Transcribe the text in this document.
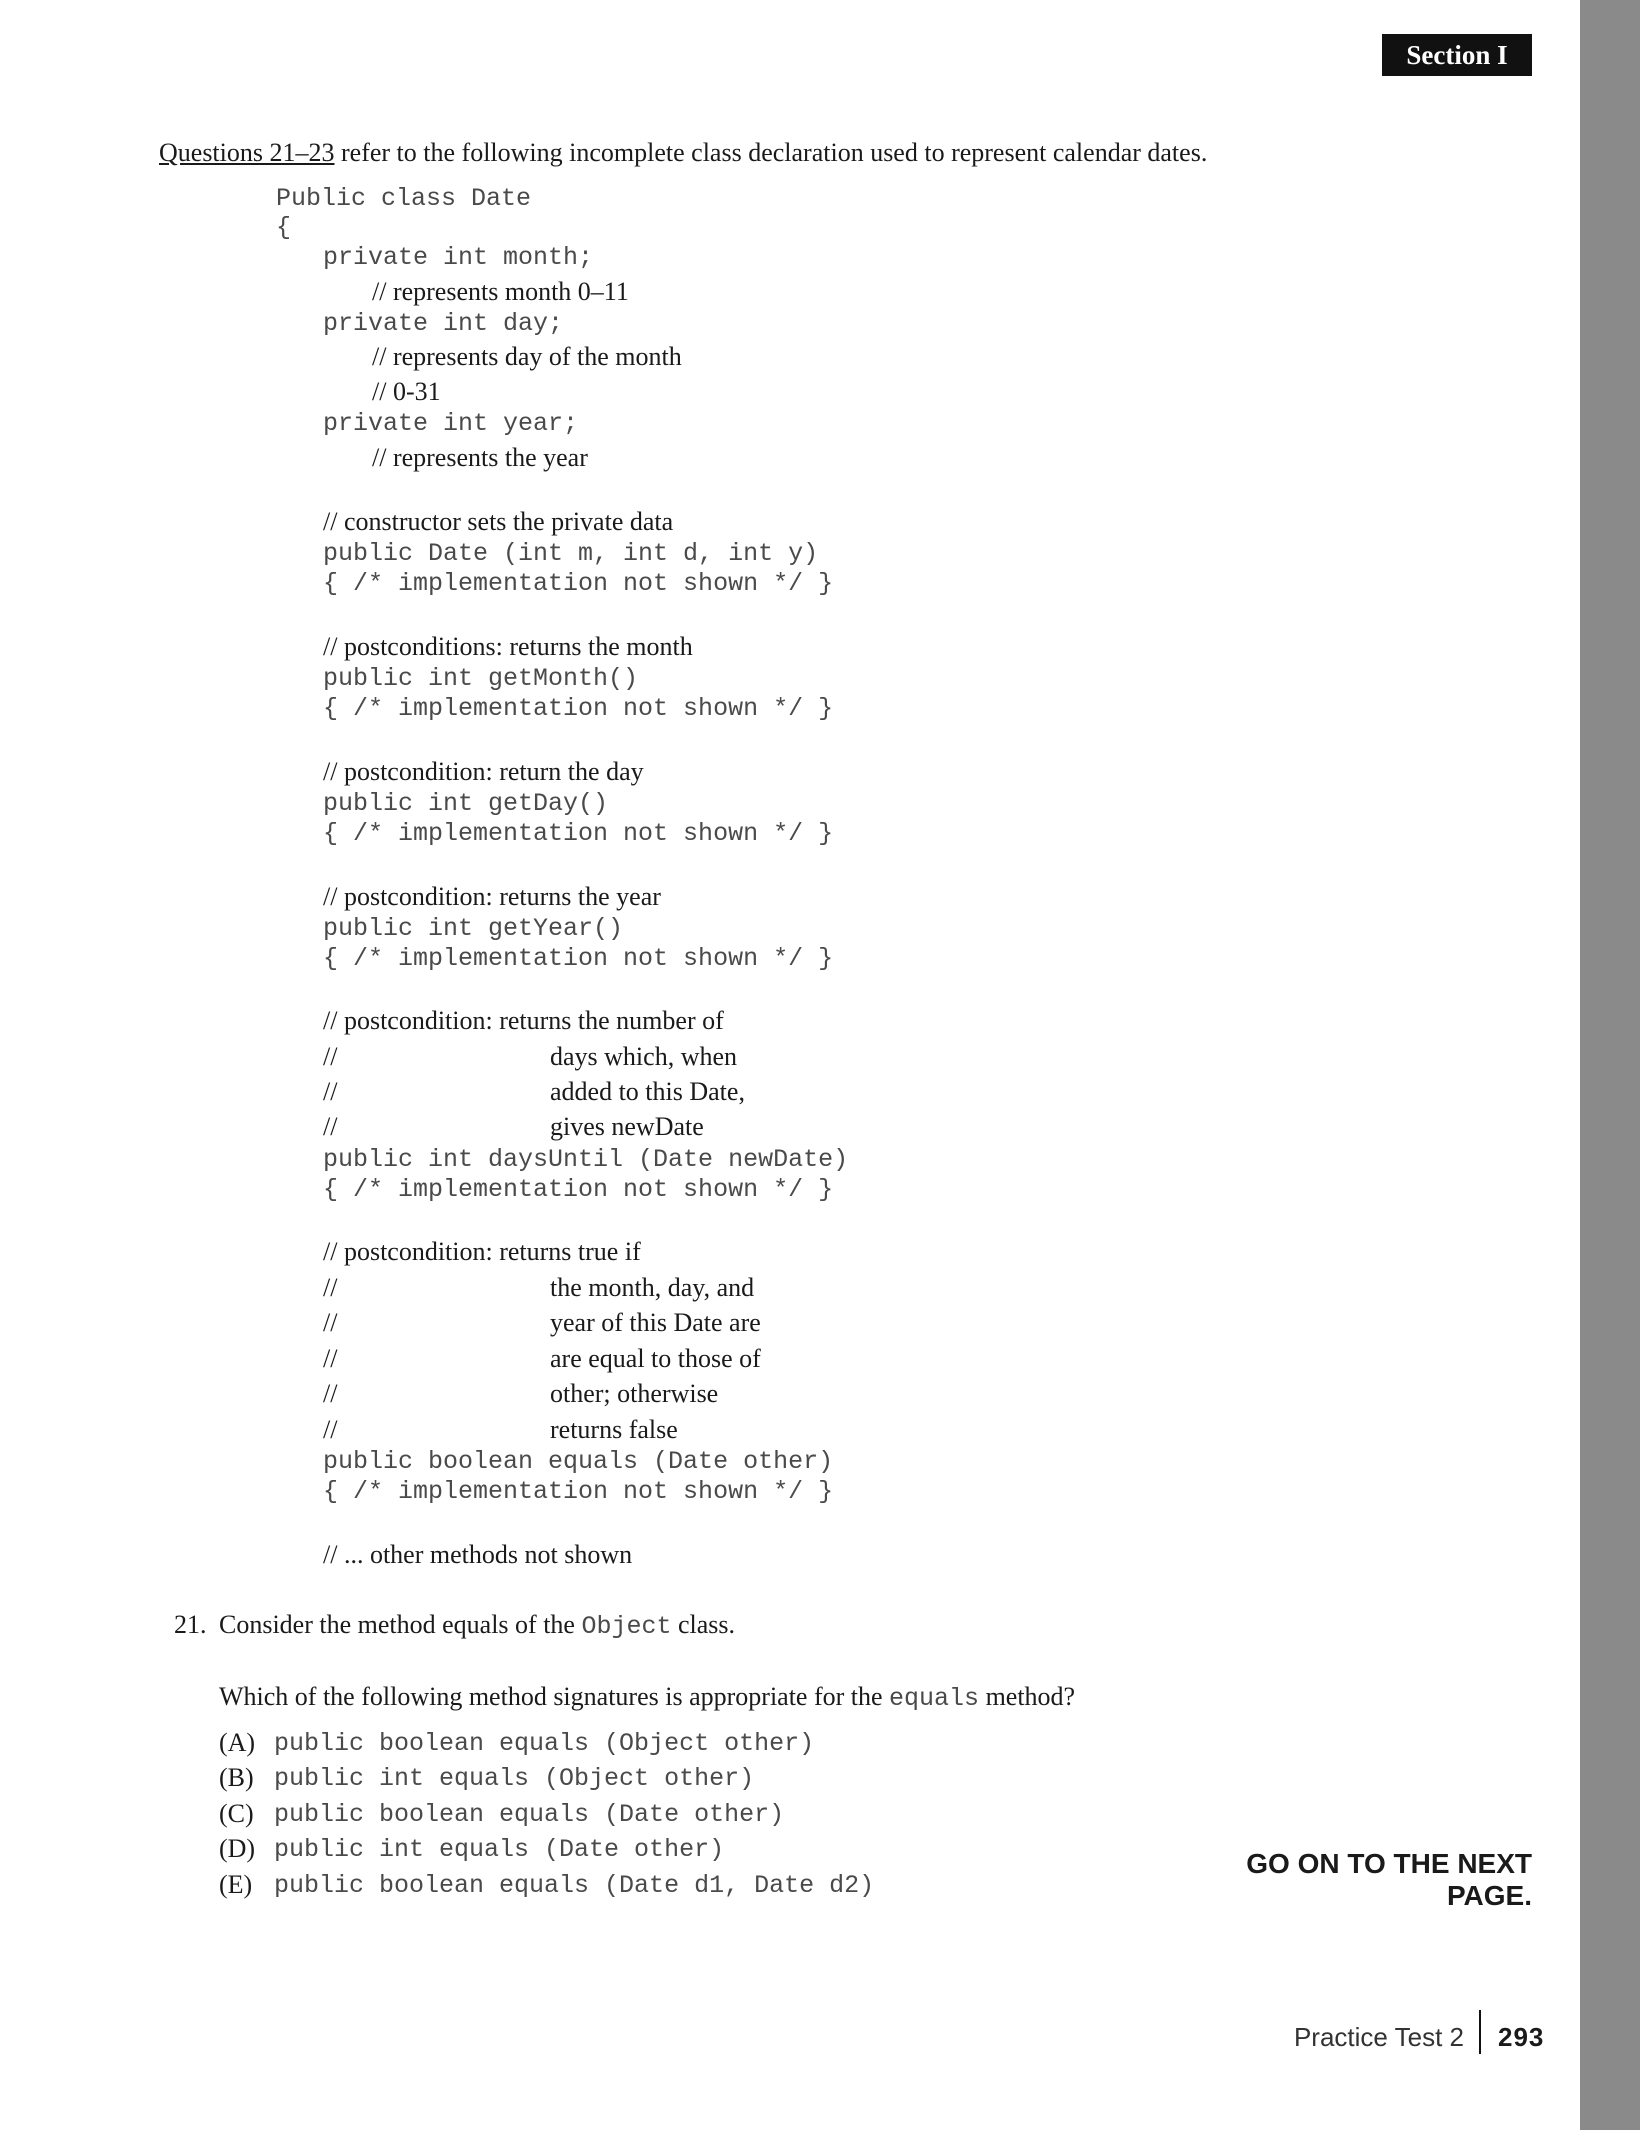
Section I
Questions 21–23 refer to the following incomplete class declaration used to represent calendar dates.
Public class Date
{
private int month;
// represents month 0–11
private int day;
// represents day of the month
// 0-31
private int year;
// represents the year
// constructor sets the private data
public Date (int m, int d, int y)
{ /* implementation not shown */ }
// postconditions: returns the month
public int getMonth()
{ /* implementation not shown */ }
// postcondition: return the day
public int getDay()
{ /* implementation not shown */ }
// postcondition: returns the year
public int getYear()
{ /* implementation not shown */ }
// postcondition: returns the number of
//	days which, when
//	added to this Date,
//	gives newDate
public int daysUntil (Date newDate)
{ /* implementation not shown */ }
// postcondition: returns true if
//	the month, day, and
//	year of this Date are
//	are equal to those of
//	other; otherwise
//	returns false
public boolean equals (Date other)
{ /* implementation not shown */ }
// ... other methods not shown
21. Consider the method equals of the Object class.
Which of the following method signatures is appropriate for the equals method?
(A) public boolean equals (Object other)
(B) public int equals (Object other)
(C) public boolean equals (Date other)
(D) public int equals (Date other)
(E) public boolean equals (Date d1, Date d2)
GO ON TO THE NEXT PAGE.
Practice Test 2 293
